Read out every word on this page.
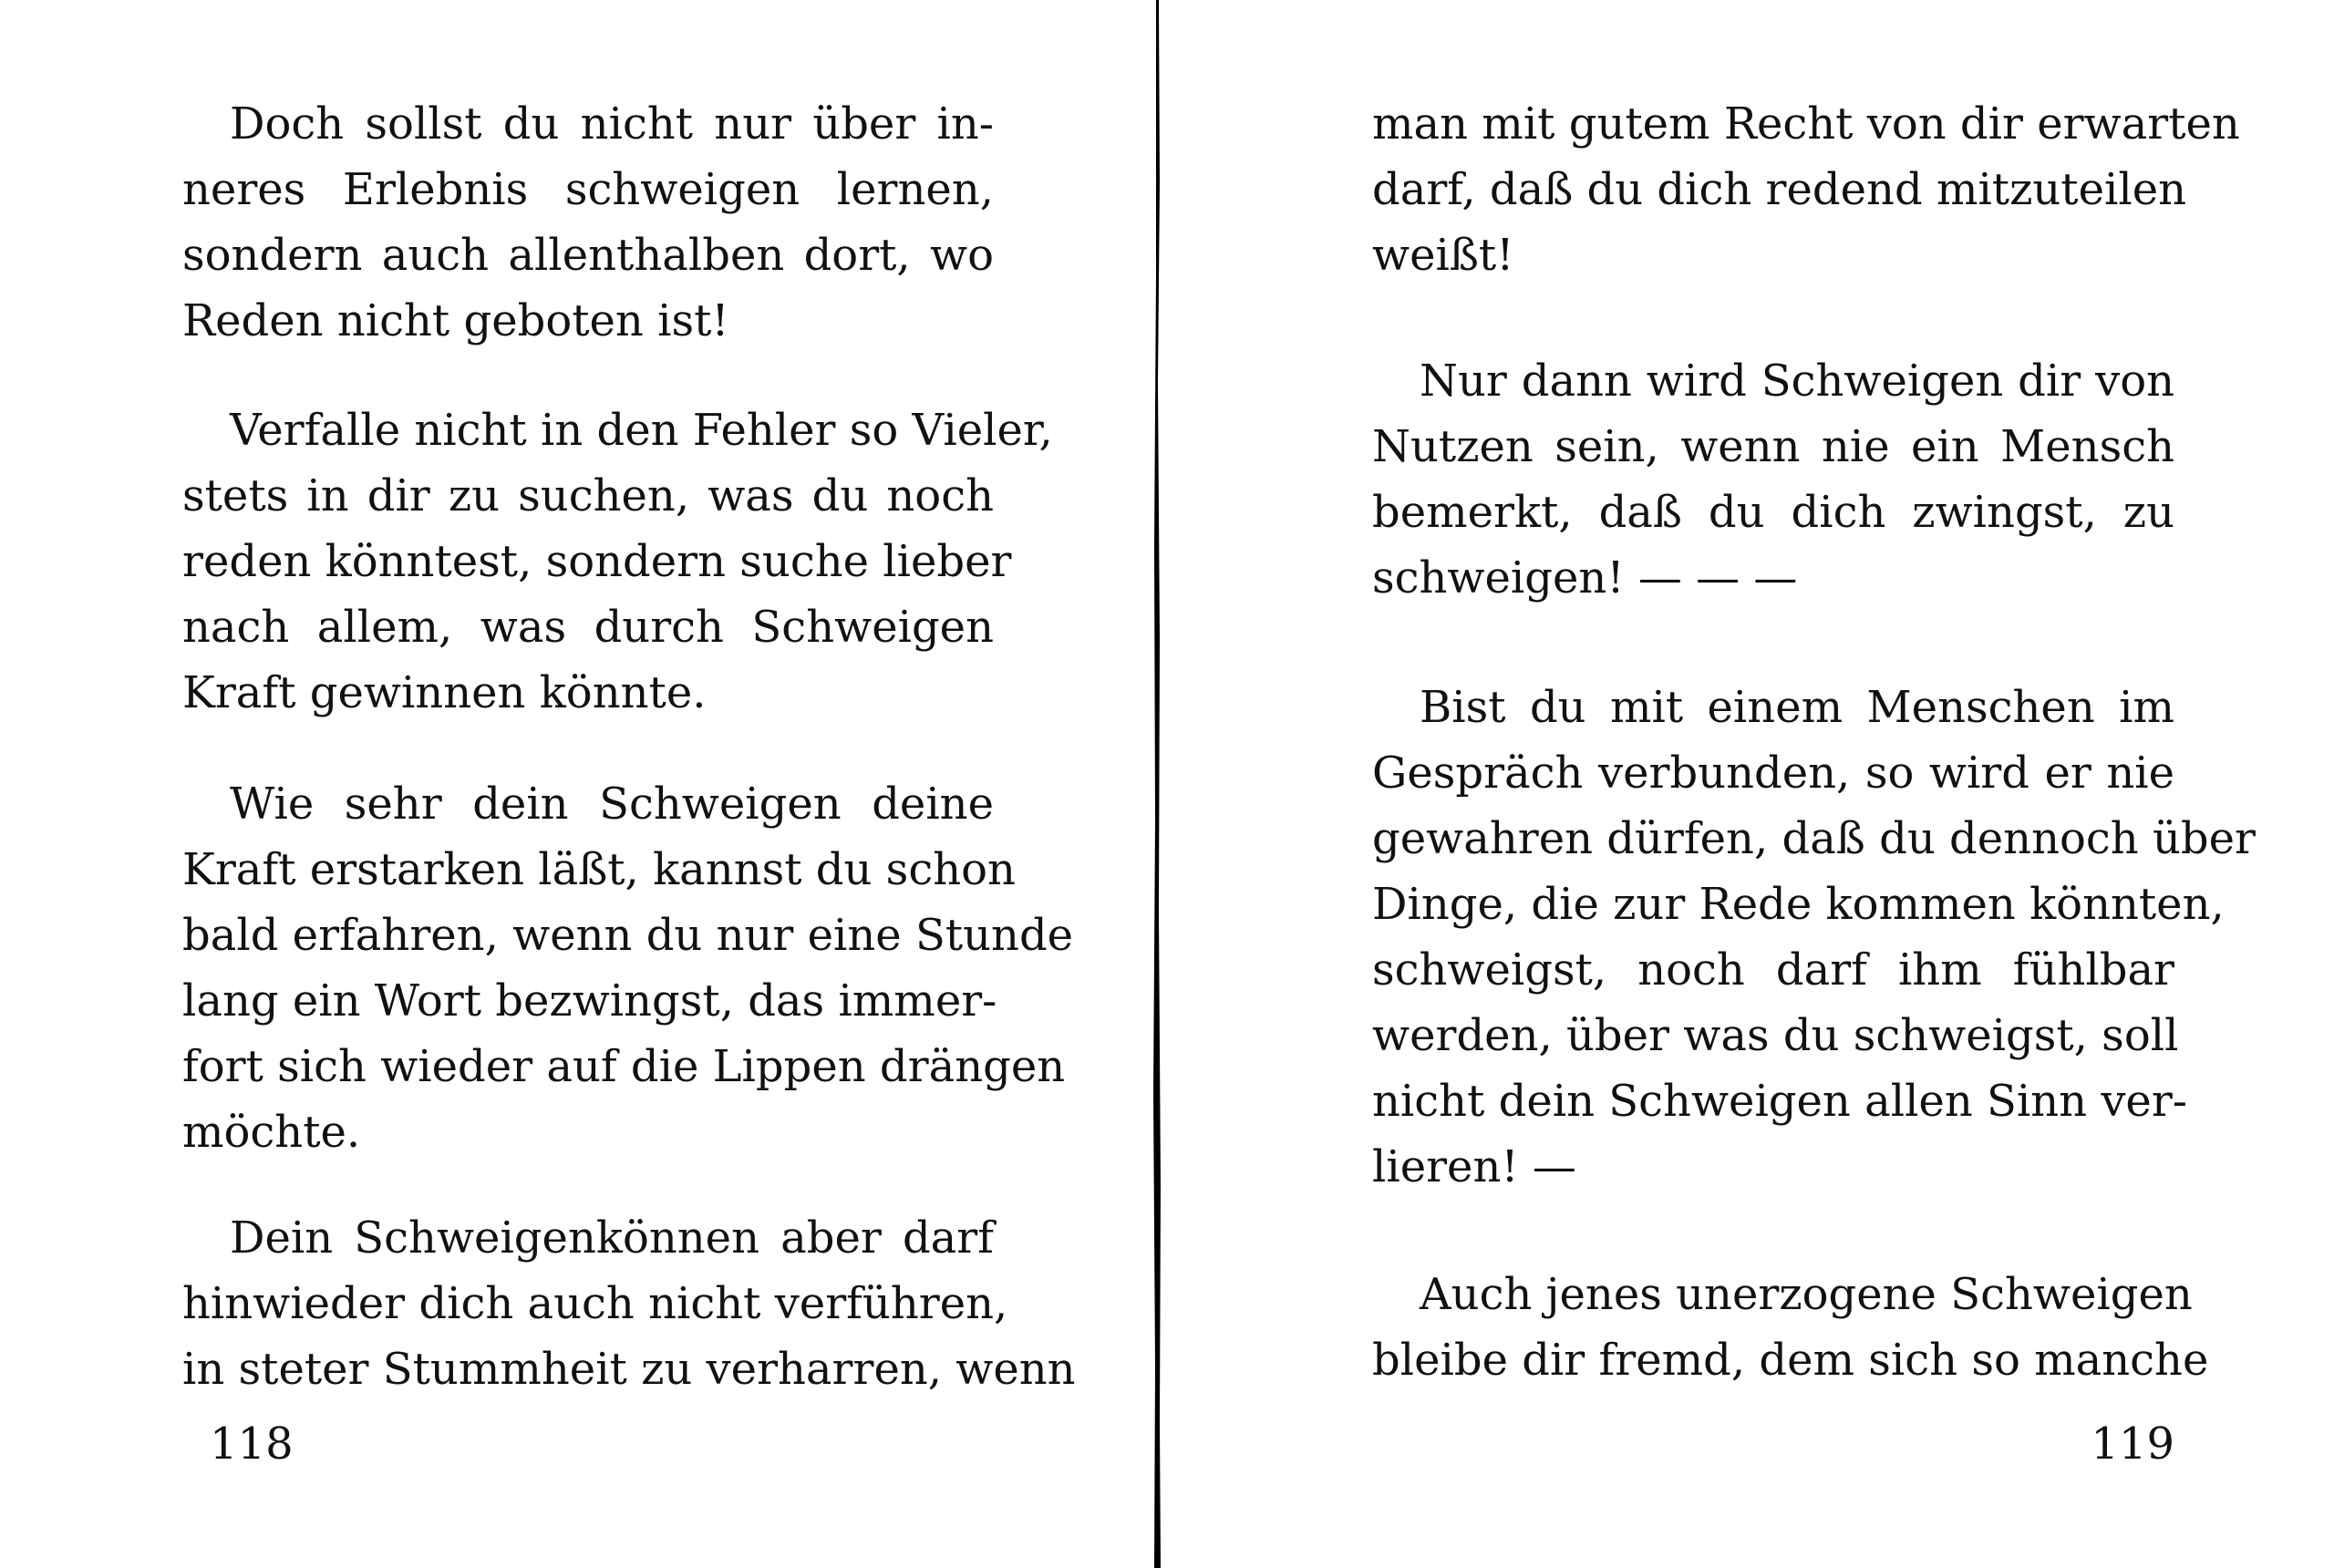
Doch sollst du nicht nur über in-
neres Erlebnis schweigen lernen,
sondern auch allenthalben dort, wo
Reden nicht geboten ist!
Verfalle nicht in den Fehler so Vieler,
stets in dir zu suchen, was du noch
reden könntest, sondern suche lieber
nach allem, was durch Schweigen
Kraft gewinnen könnte.
Wie sehr dein Schweigen deine
Kraft erstarken läßt, kannst du schon
bald erfahren, wenn du nur eine Stunde
lang ein Wort bezwingst, das immer-
fort sich wieder auf die Lippen drängen
möchte.
Dein Schweigenkönnen aber darf
hinwieder dich auch nicht verführen,
in steter Stummheit zu verharren, wenn
118
man mit gutem Recht von dir erwarten
darf, daß du dich redend mitzuteilen
weißt!
Nur dann wird Schweigen dir von
Nutzen sein, wenn nie ein Mensch
bemerkt, daß du dich zwingst, zu
schweigen! — — —
Bist du mit einem Menschen im
Gespräch verbunden, so wird er nie
gewahren dürfen, daß du dennoch über
Dinge, die zur Rede kommen könnten,
schweigst, noch darf ihm fühlbar
werden, über was du schweigst, soll
nicht dein Schweigen allen Sinn ver-
lieren! —
Auch jenes unerzogene Schweigen
bleibe dir fremd, dem sich so manche
119
